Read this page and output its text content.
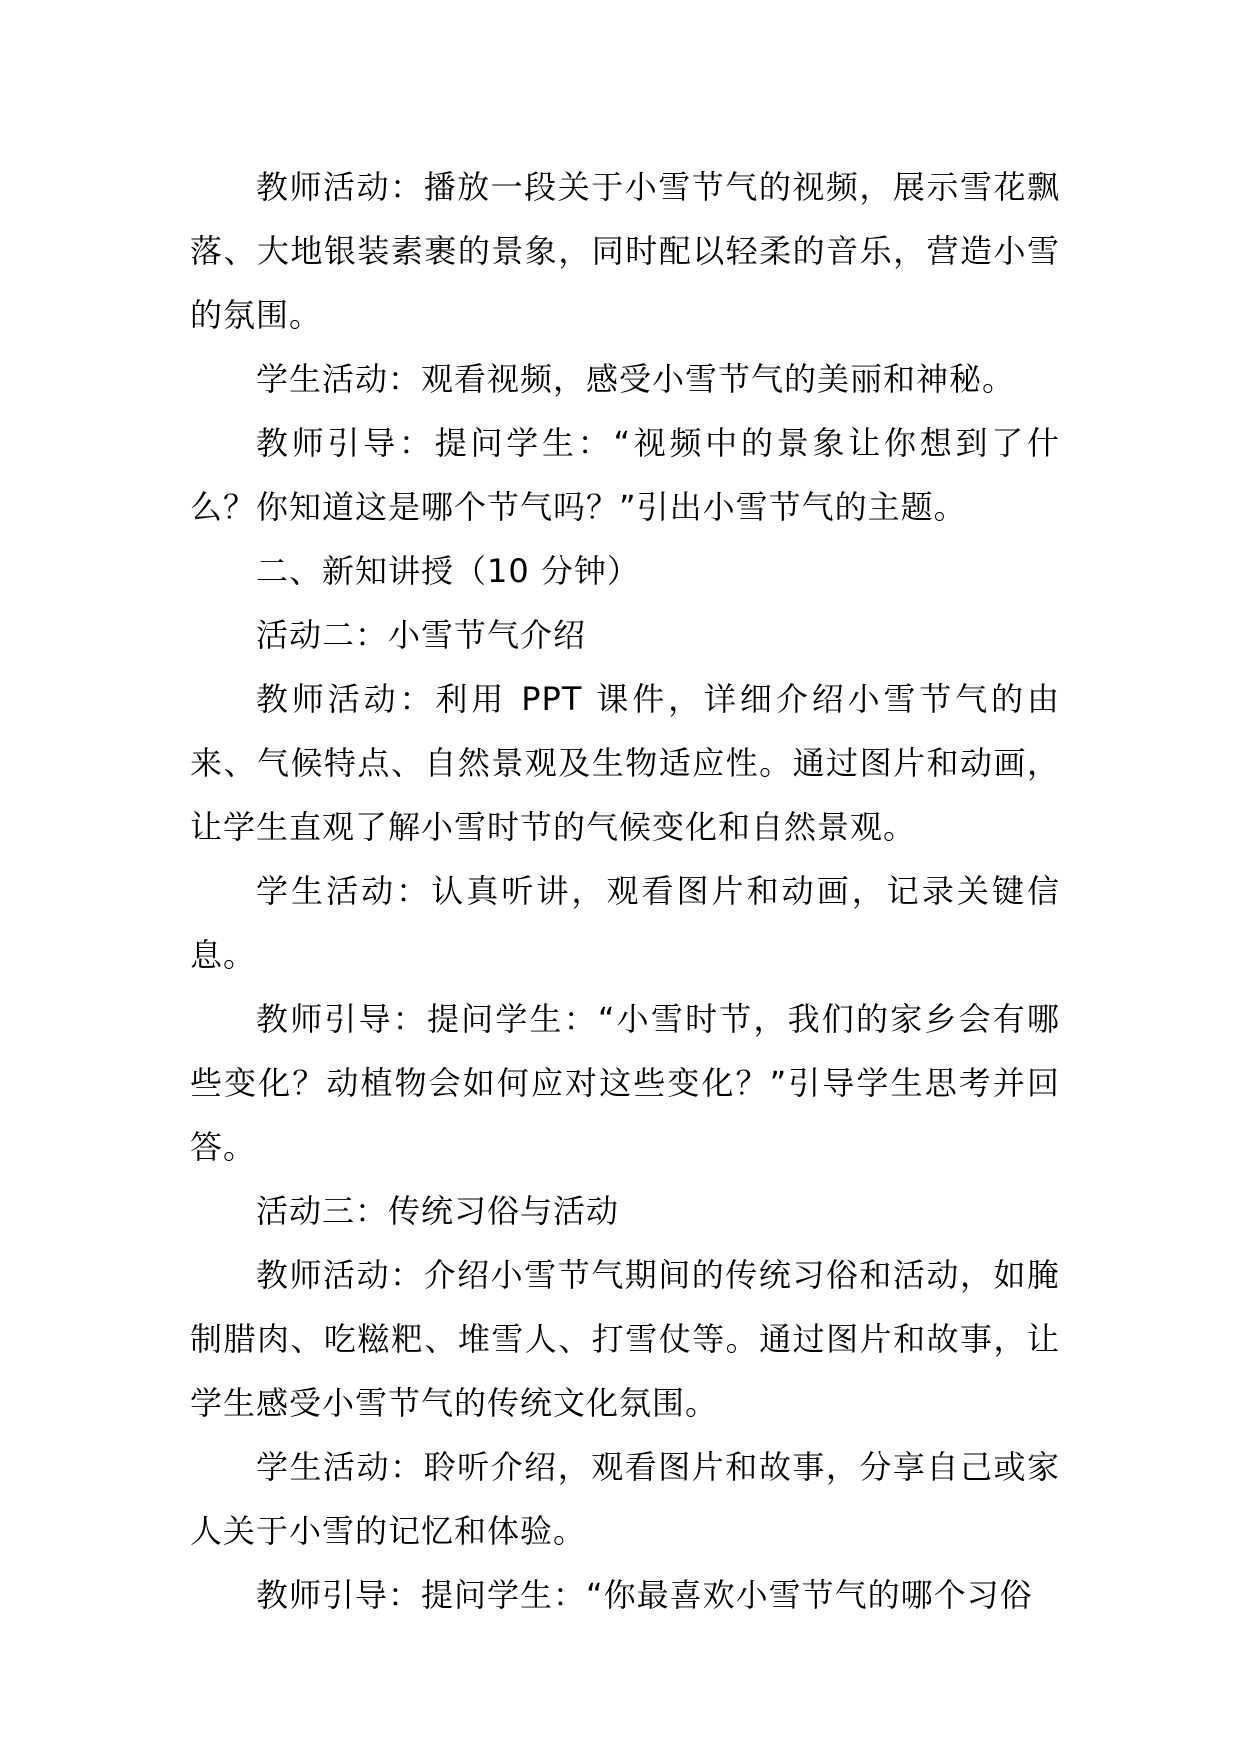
教师活动：播放一段关于小雪节气的视频，展示雪花飘落、大地银装素裹的景象，同时配以轻柔的音乐，营造小雪的氛围。

学生活动：观看视频，感受小雪节气的美丽和神秘。

教师引导：提问学生：“视频中的景象让你想到了什么？你知道这是哪个节气吗？”引出小雪节气的主题。

二、新知讲授（10 分钟）

活动二：小雪节气介绍

教师活动：利用 PPT 课件，详细介绍小雪节气的由来、气候特点、自然景观及生物适应性。通过图片和动画，让学生直观了解小雪时节的气候变化和自然景观。

学生活动：认真听讲，观看图片和动画，记录关键信息。

教师引导：提问学生：“小雪时节，我们的家乡会有哪些变化？动植物会如何应对这些变化？”引导学生思考并回答。

活动三：传统习俗与活动

教师活动：介绍小雪节气期间的传统习俗和活动，如腌制腊肉、吃糍粑、堆雪人、打雪仗等。通过图片和故事，让学生感受小雪节气的传统文化氛围。

学生活动：聆听介绍，观看图片和故事，分享自己或家人关于小雪的记忆和体验。

教师引导：提问学生：“你最喜欢小雪节气的哪个习俗
